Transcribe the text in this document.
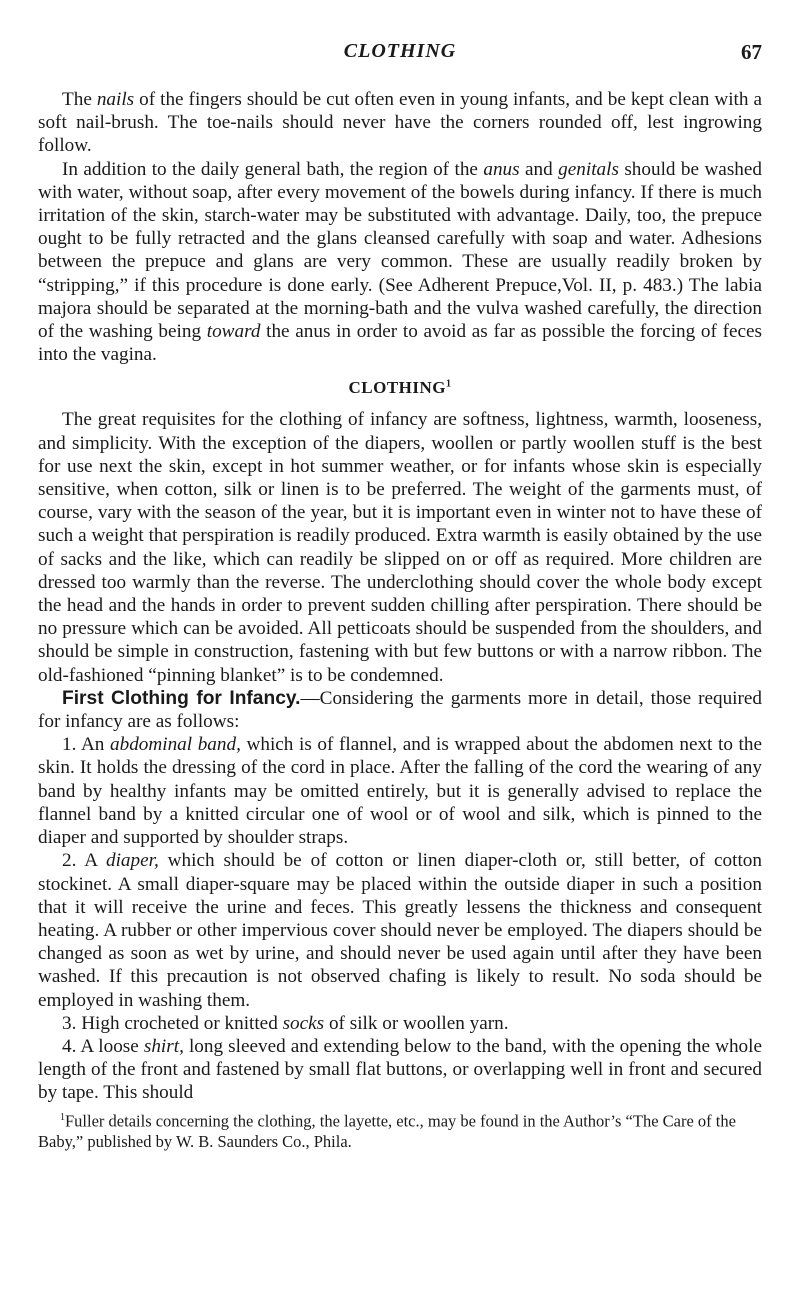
CLOTHING	67

The nails of the fingers should be cut often even in young infants, and be kept clean with a soft nail-brush. The toe-nails should never have the corners rounded off, lest ingrowing follow.

In addition to the daily general bath, the region of the anus and genitals should be washed with water, without soap, after every movement of the bowels during infancy. If there is much irritation of the skin, starch-water may be substituted with advantage. Daily, too, the prepuce ought to be fully retracted and the glans cleansed carefully with soap and water. Adhesions between the prepuce and glans are very common. These are usually readily broken by “stripping,” if this procedure is done early. (See Adherent Prepuce,Vol. II, p. 483.) The labia majora should be separated at the morning-bath and the vulva washed carefully, the direction of the washing being toward the anus in order to avoid as far as possible the forcing of feces into the vagina.

CLOTHING$^1$

The great requisites for the clothing of infancy are softness, lightness, warmth, looseness, and simplicity. With the exception of the diapers, woollen or partly woollen stuff is the best for use next the skin, except in hot summer weather, or for infants whose skin is especially sensitive, when cotton, silk or linen is to be preferred. The weight of the garments must, of course, vary with the season of the year, but it is important even in winter not to have these of such a weight that perspiration is readily produced. Extra warmth is easily obtained by the use of sacks and the like, which can readily be slipped on or off as required. More children are dressed too warmly than the reverse. The underclothing should cover the whole body except the head and the hands in order to prevent sudden chilling after perspiration. There should be no pressure which can be avoided. All petticoats should be suspended from the shoulders, and should be simple in construction, fastening with but few buttons or with a narrow ribbon. The old-fashioned “pinning blanket” is to be condemned.

First Clothing for Infancy.—Considering the garments more in detail, those required for infancy are as follows:

1. An abdominal band, which is of flannel, and is wrapped about the abdomen next to the skin. It holds the dressing of the cord in place. After the falling of the cord the wearing of any band by healthy infants may be omitted entirely, but it is generally advised to replace the flannel band by a knitted circular one of wool or of wool and silk, which is pinned to the diaper and supported by shoulder straps.

2. A diaper, which should be of cotton or linen diaper-cloth or, still better, of cotton stockinet. A small diaper-square may be placed within the outside diaper in such a position that it will receive the urine and feces. This greatly lessens the thickness and consequent heating. A rubber or other impervious cover should never be employed. The diapers should be changed as soon as wet by urine, and should never be used again until after they have been washed. If this precaution is not observed chafing is likely to result. No soda should be employed in washing them.

3. High crocheted or knitted socks of silk or woollen yarn.

4. A loose shirt, long sleeved and extending below to the band, with the opening the whole length of the front and fastened by small flat buttons, or overlapping well in front and secured by tape. This should

$^1$Fuller details concerning the clothing, the layette, etc., may be found in the Author’s “The Care of the Baby,” published by W. B. Saunders Co., Phila.
